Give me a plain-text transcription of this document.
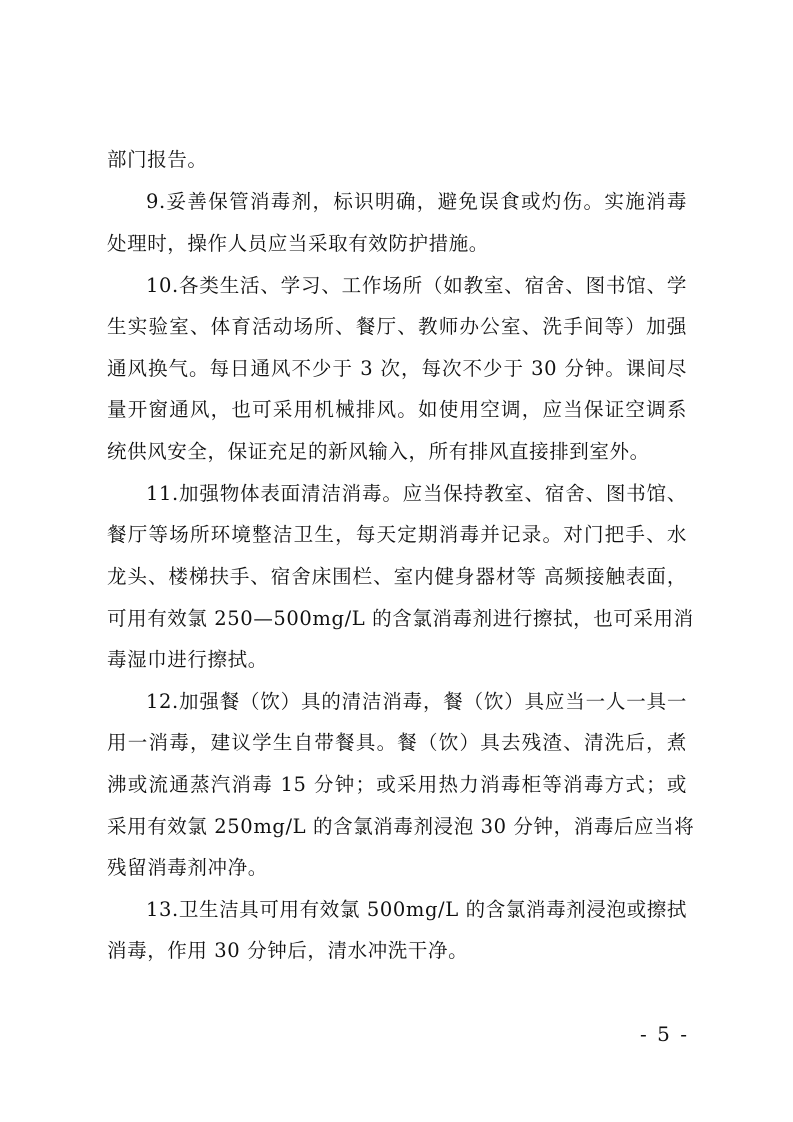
部门报告。
9.妥善保管消毒剂，标识明确，避免误食或灼伤。实施消毒
处理时，操作人员应当采取有效防护措施。
10.各类生活、学习、工作场所（如教室、宿舍、图书馆、学
生实验室、体育活动场所、餐厅、教师办公室、洗手间等）加强
通风换气。每日通风不少于 3 次，每次不少于 30 分钟。课间尽
量开窗通风，也可采用机械排风。如使用空调，应当保证空调系
统供风安全，保证充足的新风输入，所有排风直接排到室外。
11.加强物体表面清洁消毒。应当保持教室、宿舍、图书馆、
餐厅等场所环境整洁卫生，每天定期消毒并记录。对门把手、水
龙头、楼梯扶手、宿舍床围栏、室内健身器材等 高频接触表面，
可用有效氯 250—500mg/L 的含氯消毒剂进行擦拭，也可采用消
毒湿巾进行擦拭。
12.加强餐（饮）具的清洁消毒，餐（饮）具应当一人一具一
用一消毒，建议学生自带餐具。餐（饮）具去残渣、清洗后，煮
沸或流通蒸汽消毒 15 分钟；或采用热力消毒柜等消毒方式；或
采用有效氯 250mg/L 的含氯消毒剂浸泡 30 分钟，消毒后应当将
残留消毒剂冲净。
13.卫生洁具可用有效氯 500mg/L 的含氯消毒剂浸泡或擦拭
消毒，作用 30 分钟后，清水冲洗干净。
- 5 -
